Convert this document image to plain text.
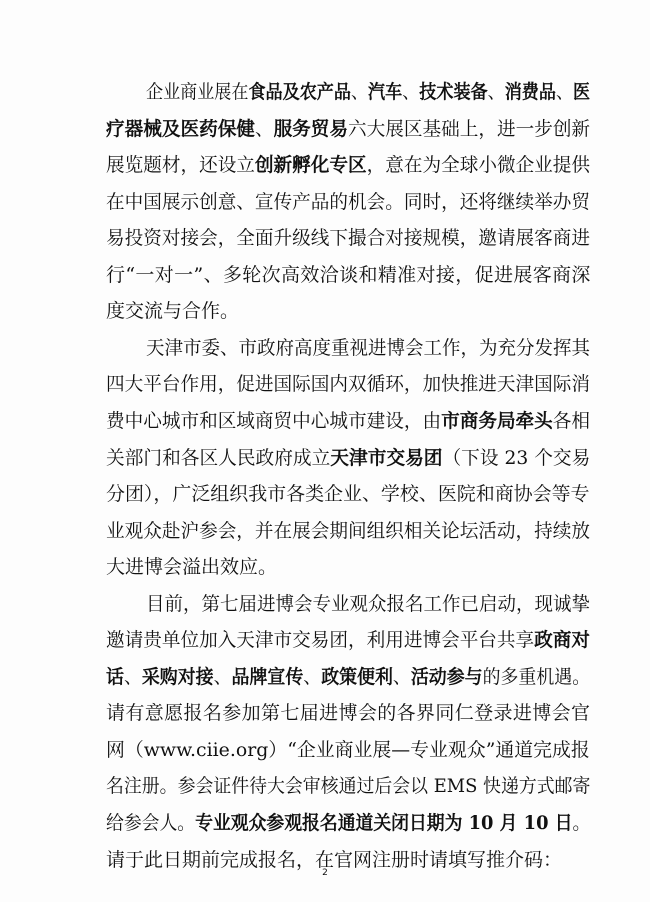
企业商业展在食品及农产品、汽车、技术装备、消费品、医
疗器械及医药保健、服务贸易六大展区基础上，进一步创新
展览题材，还设立创新孵化专区，意在为全球小微企业提供
在中国展示创意、宣传产品的机会。同时，还将继续举办贸
易投资对接会，全面升级线下撮合对接规模，邀请展客商进
行“一对一”、多轮次高效洽谈和精准对接，促进展客商深
度交流与合作。
天津市委、市政府高度重视进博会工作，为充分发挥其
四大平台作用，促进国际国内双循环，加快推进天津国际消
费中心城市和区域商贸中心城市建设，由市商务局牵头各相
关部门和各区人民政府成立天津市交易团（下设 23 个交易
分团），广泛组织我市各类企业、学校、医院和商协会等专
业观众赴沪参会，并在展会期间组织相关论坛活动，持续放
大进博会溢出效应。
目前，第七届进博会专业观众报名工作已启动，现诚挚
邀请贵单位加入天津市交易团，利用进博会平台共享政商对
话、采购对接、品牌宣传、政策便利、活动参与的多重机遇。
请有意愿报名参加第七届进博会的各界同仁登录进博会官
网（www.ciie.org）“企业商业展—专业观众”通道完成报
名注册。参会证件待大会审核通过后会以 EMS 快递方式邮寄
给参会人。专业观众参观报名通道关闭日期为 10 月 10 日。
请于此日期前完成报名，在官网注册时请填写推介码：
2
